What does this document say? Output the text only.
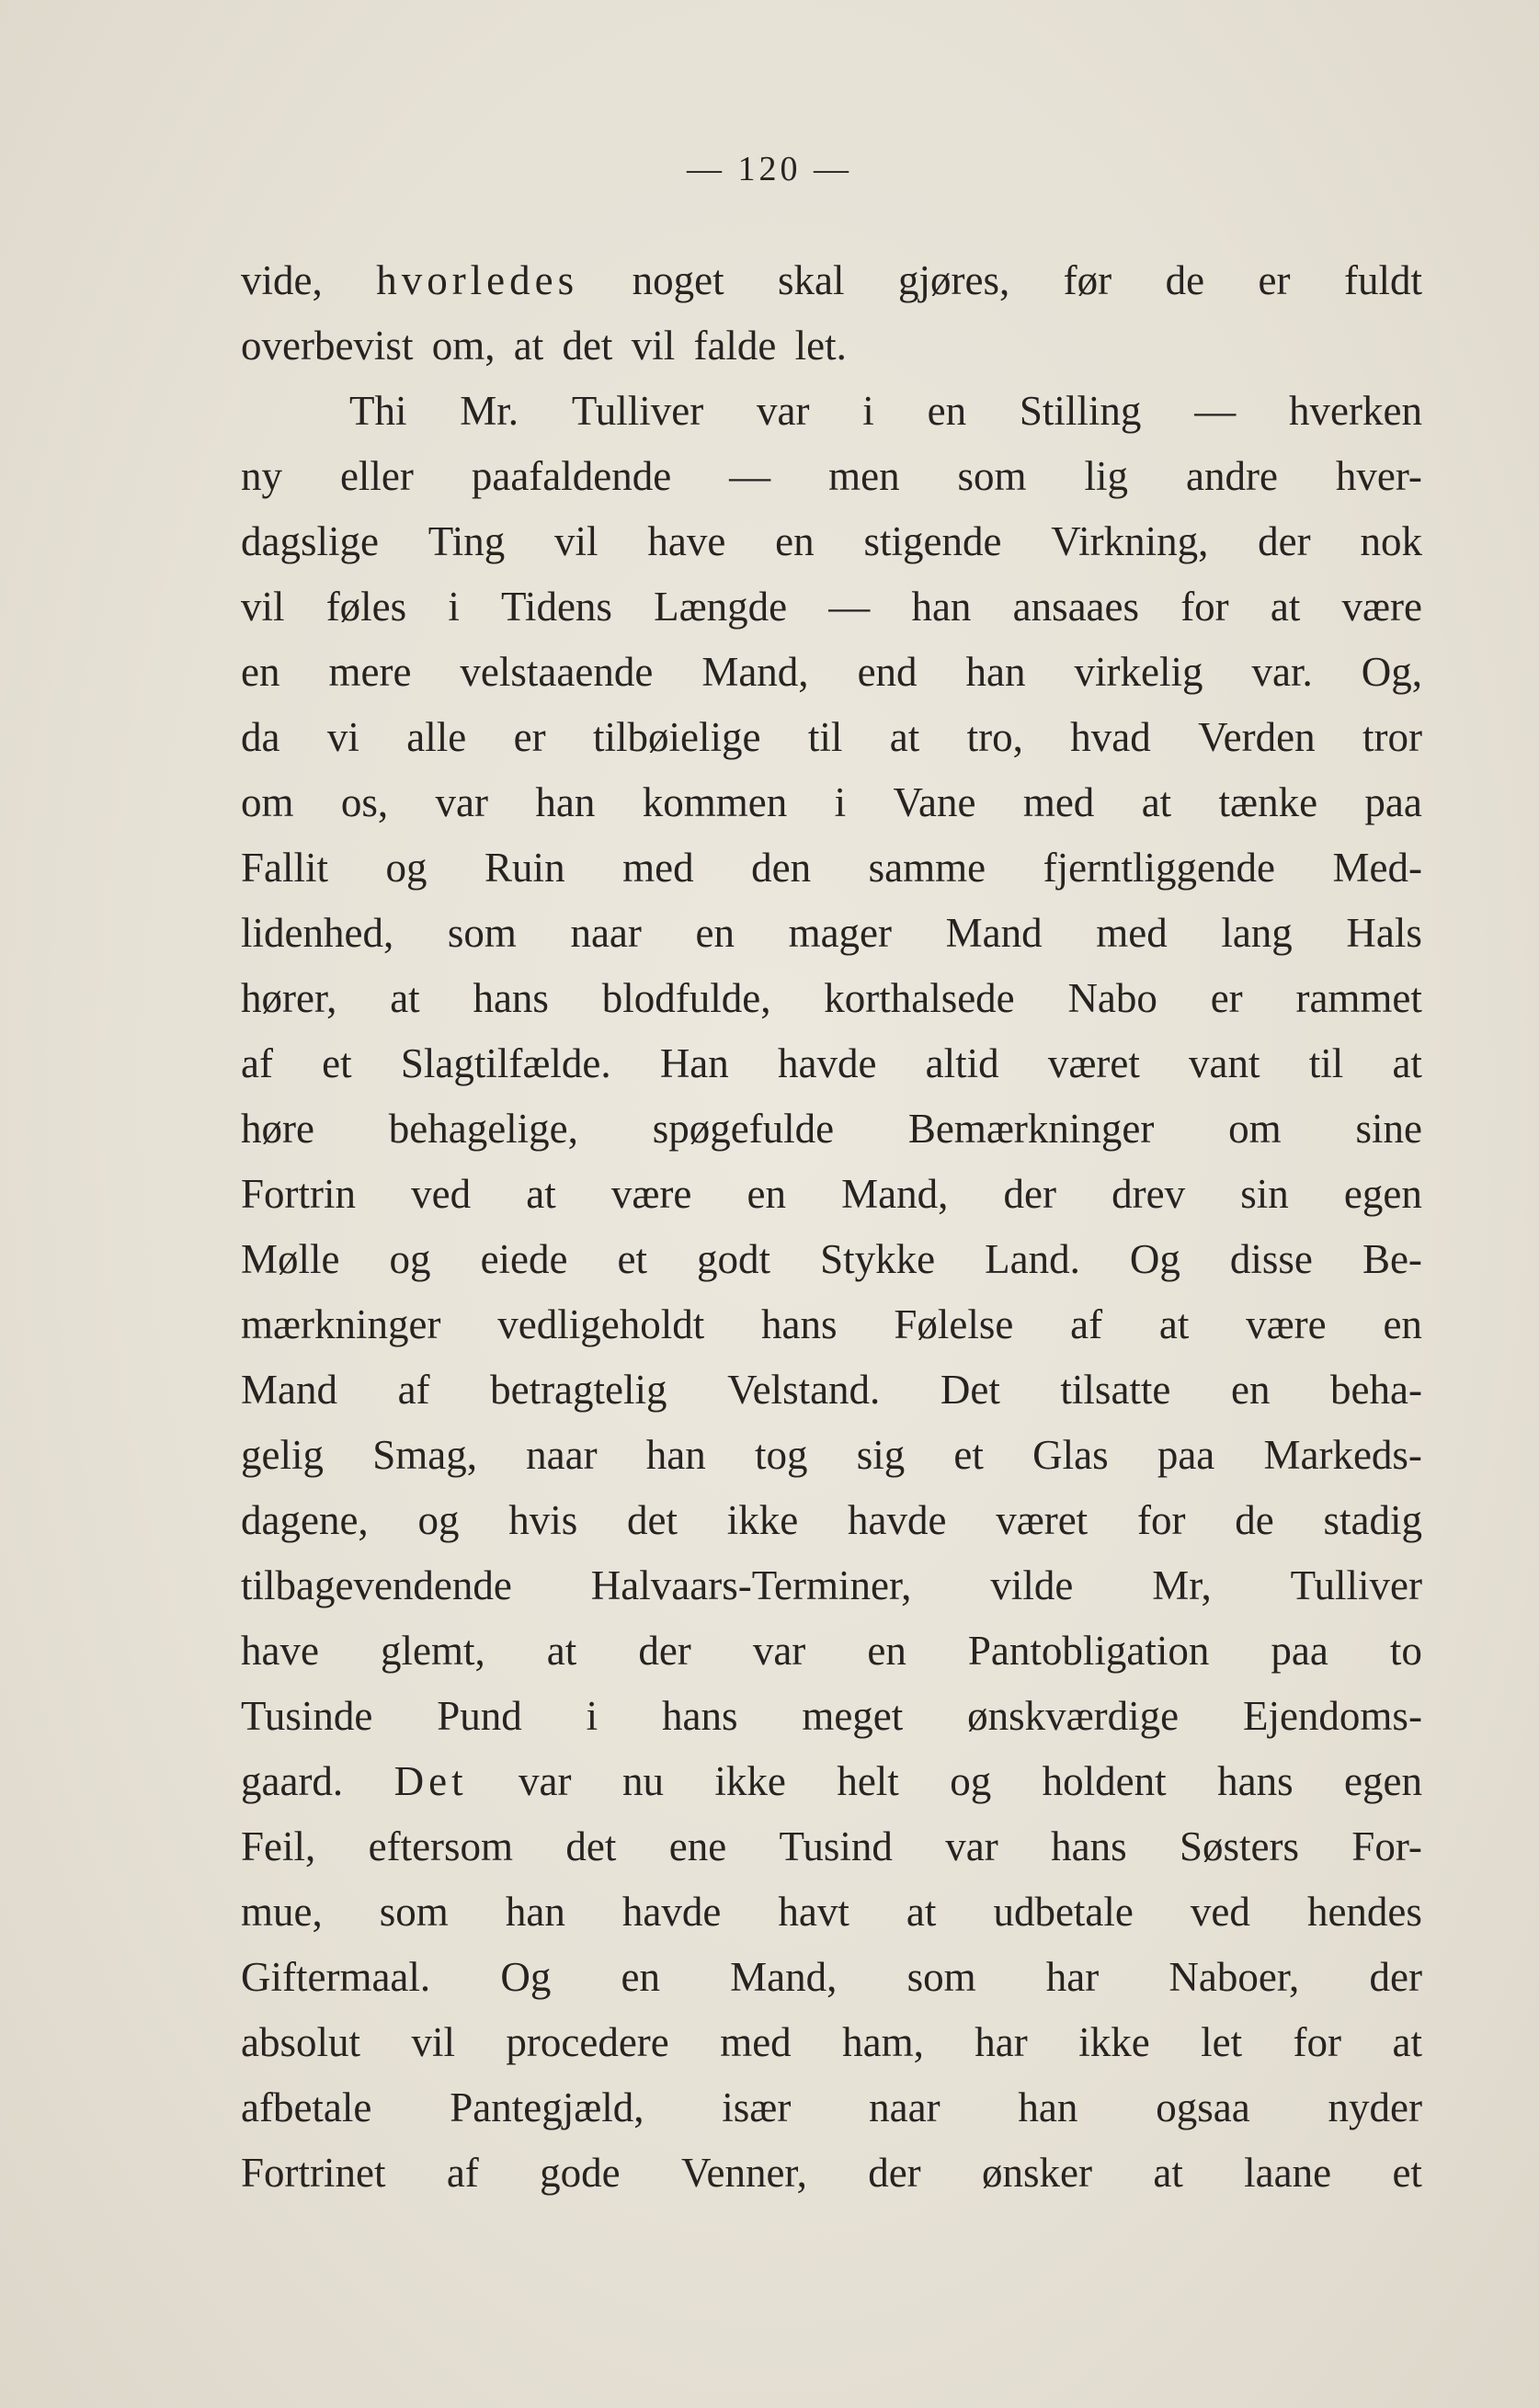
— 120 —
vide, hvorledes noget skal gjøres, før de er fuldt
overbevist om, at det vil falde let.
Thi Mr. Tulliver var i en Stilling — hverken
ny eller paafaldende — men som lig andre hver-
dagslige Ting vil have en stigende Virkning, der nok
vil føles i Tidens Længde — han ansaaes for at være
en mere velstaaende Mand, end han virkelig var. Og,
da vi alle er tilbøielige til at tro, hvad Verden tror
om os, var han kommen i Vane med at tænke paa
Fallit og Ruin med den samme fjerntliggende Med-
lidenhed, som naar en mager Mand med lang Hals
hører, at hans blodfulde, korthalsede Nabo er rammet
af et Slagtilfælde. Han havde altid været vant til at
høre behagelige, spøgefulde Bemærkninger om sine
Fortrin ved at være en Mand, der drev sin egen
Mølle og eiede et godt Stykke Land. Og disse Be-
mærkninger vedligeholdt hans Følelse af at være en
Mand af betragtelig Velstand. Det tilsatte en beha-
gelig Smag, naar han tog sig et Glas paa Markeds-
dagene, og hvis det ikke havde været for de stadig
tilbagevendende Halvaars-Terminer, vilde Mr, Tulliver
have glemt, at der var en Pantobligation paa to
Tusinde Pund i hans meget ønskværdige Ejendoms-
gaard. Det var nu ikke helt og holdent hans egen
Feil, eftersom det ene Tusind var hans Søsters For-
mue, som han havde havt at udbetale ved hendes
Giftermaal. Og en Mand, som har Naboer, der
absolut vil procedere med ham, har ikke let for at
afbetale Pantegjæld, især naar han ogsaa nyder
Fortrinet af gode Venner, der ønsker at laane et
